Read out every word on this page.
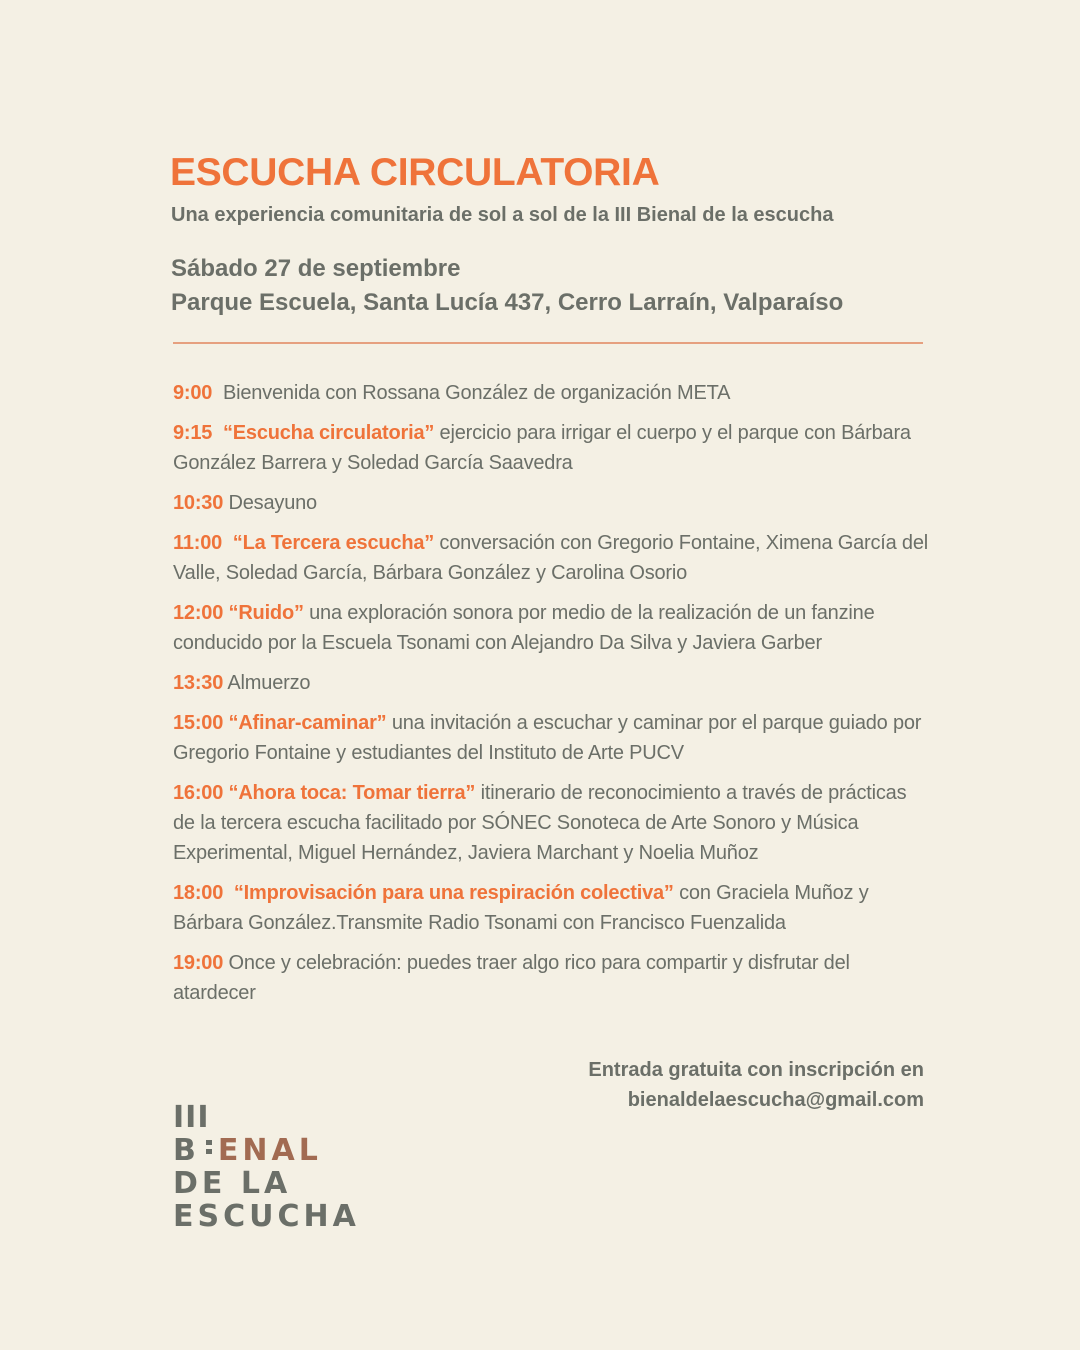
ESCUCHA CIRCULATORIA
Una experiencia comunitaria de sol a sol de la III Bienal de la escucha
Sábado 27 de septiembre
Parque Escuela, Santa Lucía 437, Cerro Larraín, Valparaíso
9:00 Bienvenida con Rossana González de organización META
9:15 “Escucha circulatoria” ejercicio para irrigar el cuerpo y el parque con Bárbara González Barrera y Soledad García Saavedra
10:30 Desayuno
11:00 “La Tercera escucha” conversación con Gregorio Fontaine, Ximena García del Valle, Soledad García, Bárbara González y Carolina Osorio
12:00 “Ruido” una exploración sonora por medio de la realización de un fanzine conducido por la Escuela Tsonami con Alejandro Da Silva y Javiera Garber
13:30 Almuerzo
15:00 “Afinar-caminar” una invitación a escuchar y caminar por el parque guiado por Gregorio Fontaine y estudiantes del Instituto de Arte PUCV
16:00 “Ahora toca: Tomar tierra” itinerario de reconocimiento a través de prácticas de la tercera escucha facilitado por SÓNEC Sonoteca de Arte Sonoro y Música Experimental, Miguel Hernández, Javiera Marchant y Noelia Muñoz
18:00 “Improvisación para una respiración colectiva” con Graciela Muñoz y Bárbara González.Transmite Radio Tsonami con Francisco Fuenzalida
19:00 Once y celebración: puedes traer algo rico para compartir y disfrutar del atardecer
Entrada gratuita con inscripción en
bienaldelaescucha@gmail.com
III
B ENAL
DE LA
ESCUCHA
